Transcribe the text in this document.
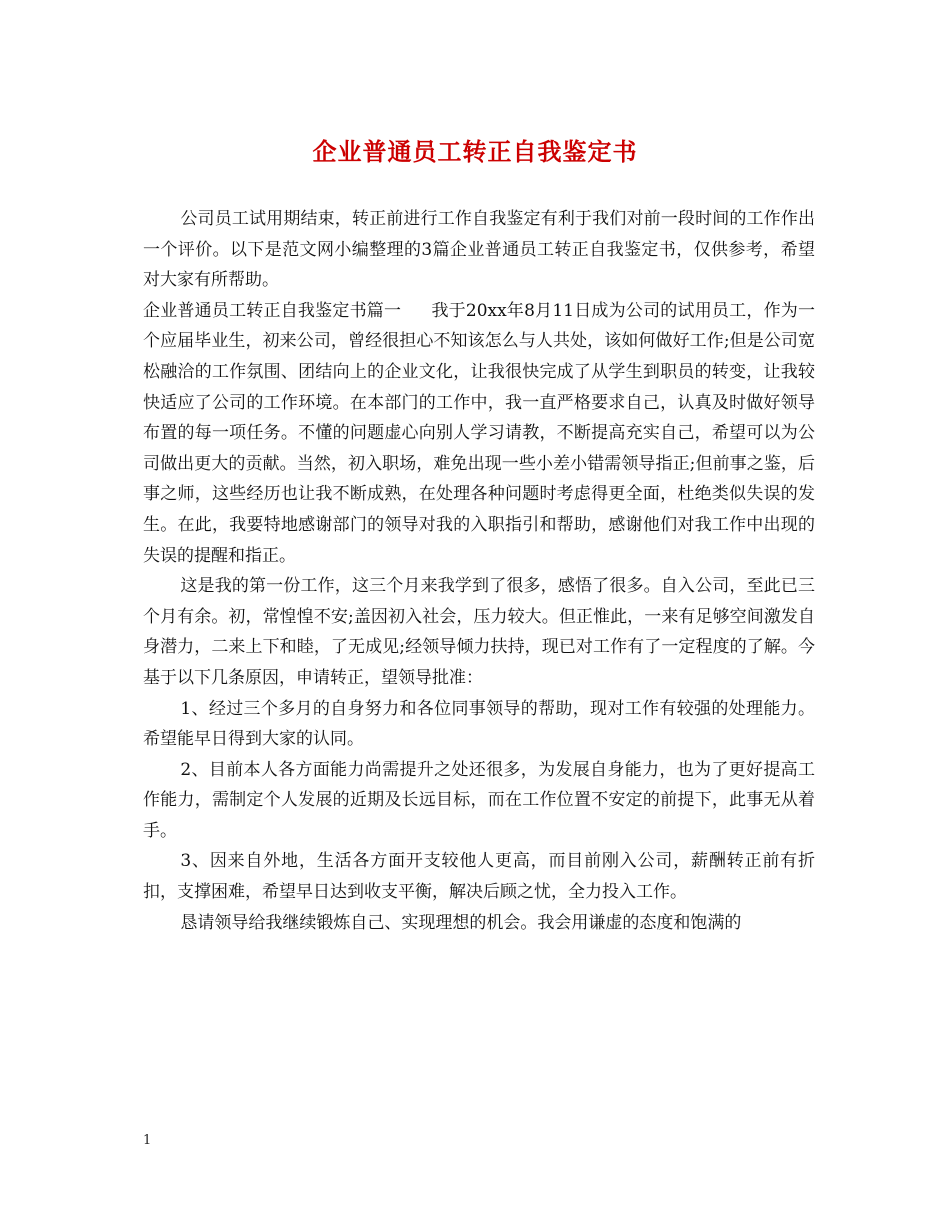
企业普通员工转正自我鉴定书

公司员工试用期结束，转正前进行工作自我鉴定有利于我们对前一段时间的工作作出一个评价。以下是范文网小编整理的3篇企业普通员工转正自我鉴定书，仅供参考，希望对大家有所帮助。

企业普通员工转正自我鉴定书篇一 我于20xx年8月11日成为公司的试用员工，作为一个应届毕业生，初来公司，曾经很担心不知该怎么与人共处，该如何做好工作;但是公司宽松融洽的工作氛围、团结向上的企业文化，让我很快完成了从学生到职员的转变，让我较快适应了公司的工作环境。在本部门的工作中，我一直严格要求自己，认真及时做好领导布置的每一项任务。不懂的问题虚心向别人学习请教，不断提高充实自己，希望可以为公司做出更大的贡献。当然，初入职场，难免出现一些小差小错需领导指正;但前事之鉴，后事之师，这些经历也让我不断成熟，在处理各种问题时考虑得更全面，杜绝类似失误的发生。在此，我要特地感谢部门的领导对我的入职指引和帮助，感谢他们对我工作中出现的失误的提醒和指正。

这是我的第一份工作，这三个月来我学到了很多，感悟了很多。自入公司，至此已三个月有余。初，常惶惶不安;盖因初入社会，压力较大。但正惟此，一来有足够空间激发自身潜力，二来上下和睦，了无成见;经领导倾力扶持，现已对工作有了一定程度的了解。今基于以下几条原因，申请转正，望领导批准：

1、经过三个多月的自身努力和各位同事领导的帮助，现对工作有较强的处理能力。希望能早日得到大家的认同。

2、目前本人各方面能力尚需提升之处还很多，为发展自身能力，也为了更好提高工作能力，需制定个人发展的近期及长远目标，而在工作位置不安定的前提下，此事无从着手。

3、因来自外地，生活各方面开支较他人更高，而目前刚入公司，薪酬转正前有折扣，支撑困难，希望早日达到收支平衡，解决后顾之忧，全力投入工作。

恳请领导给我继续锻炼自己、实现理想的机会。我会用谦虚的态度和饱满的

1
